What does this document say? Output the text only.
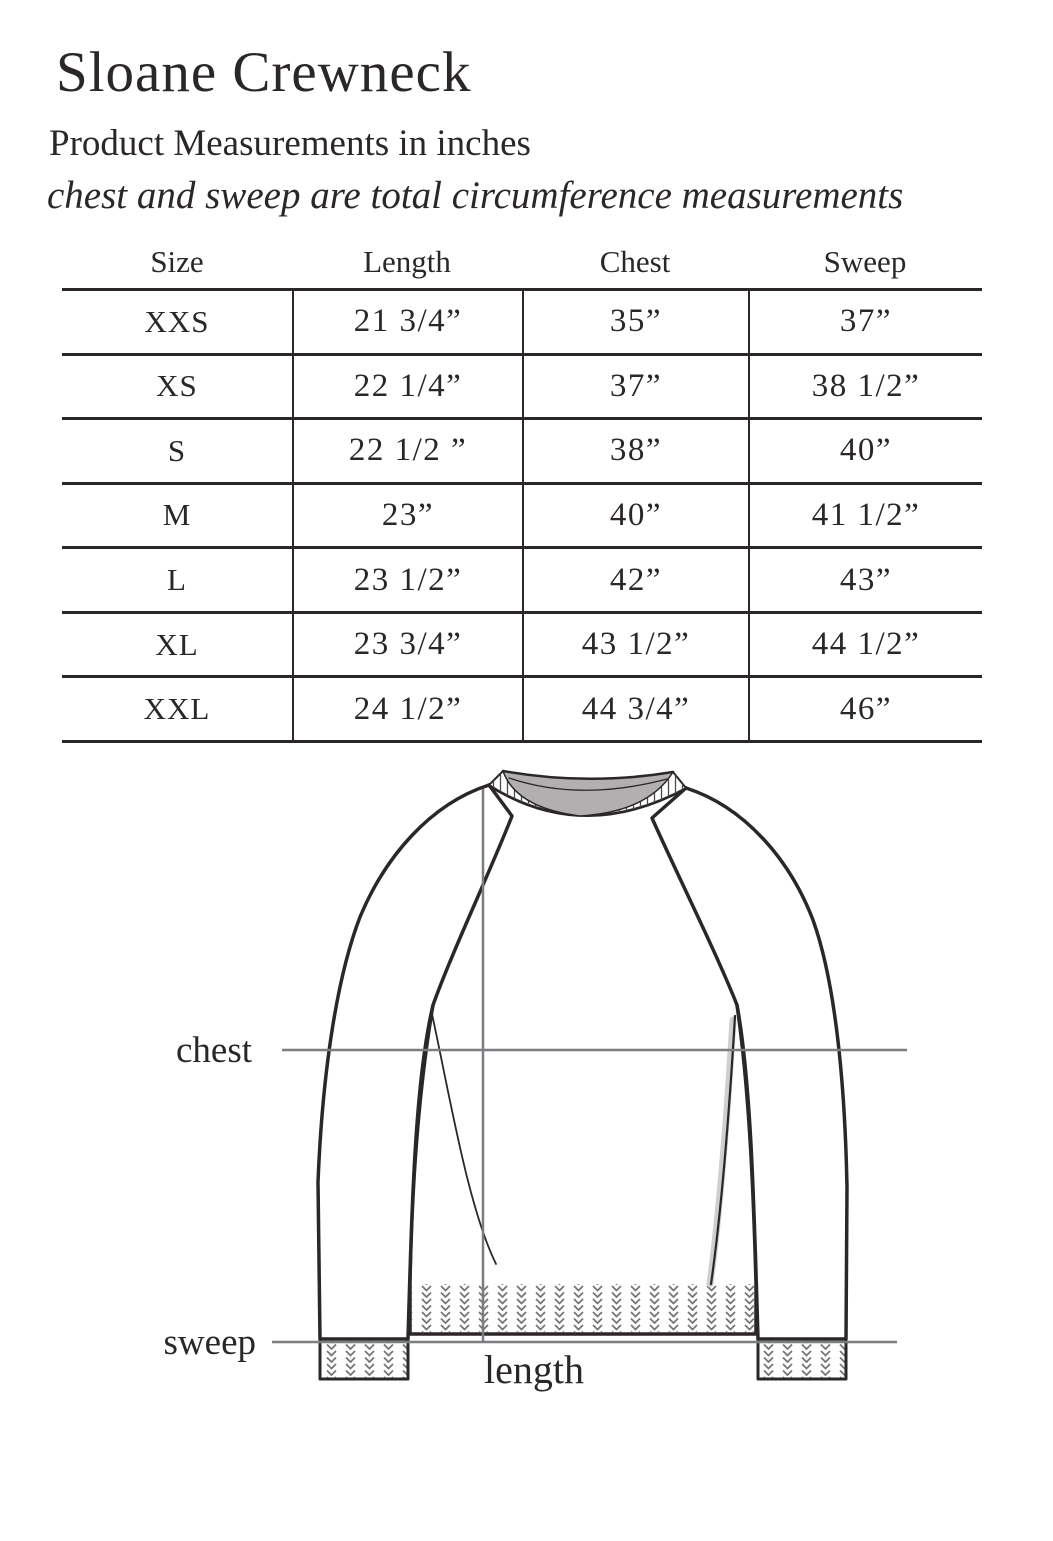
Sloane Crewneck
Product Measurements in inches
chest and sweep are total circumference measurements
Size	Length	Chest	Sweep
XXS	21 3/4”	35”	37”
XS	22 1/4”	37”	38 1/2”
S	22 1/2 ”	38”	40”
M	23”	40”	41 1/2”
L	23 1/2”	42”	43”
XL	23 3/4”	43 1/2”	44 1/2”
XXL	24 1/2”	44 3/4”	46”
chest
sweep
length
